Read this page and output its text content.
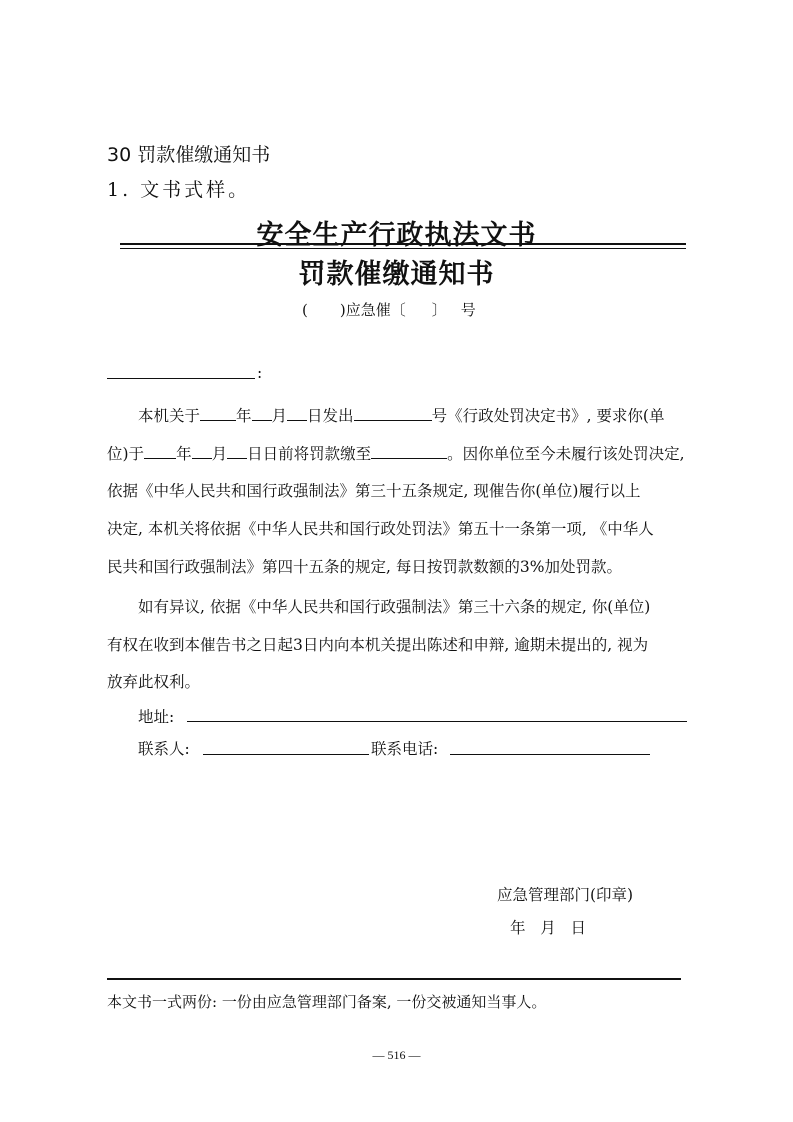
30 罚款催缴通知书
1. 文书式样。
安全生产行政执法文书
罚款催缴通知书
( )应急催〔 〕 号
:
本机关于 年 月 日发出	号《行政处罚决定书》, 要求你(单
位)于 年 月 日日前将罚款缴至	。因你单位至今未履行该处罚决定,
依据《中华人民共和国行政强制法》第三十五条规定, 现催告你(单位)履行以上
决定, 本机关将依据《中华人民共和国行政处罚法》第五十一条第一项, 《中华人
民共和国行政强制法》第四十五条的规定, 每日按罚款数额的3%加处罚款。
如有异议, 依据《中华人民共和国行政强制法》第三十六条的规定, 你(单位)
有权在收到本催告书之日起3日内向本机关提出陈述和申辩, 逾期未提出的, 视为
放弃此权利。
地址:
联系人:	联系电话:
应急管理部门(印章)
年   月   日
本文书一式两份: 一份由应急管理部门备案, 一份交被通知当事人。
— 516 —
